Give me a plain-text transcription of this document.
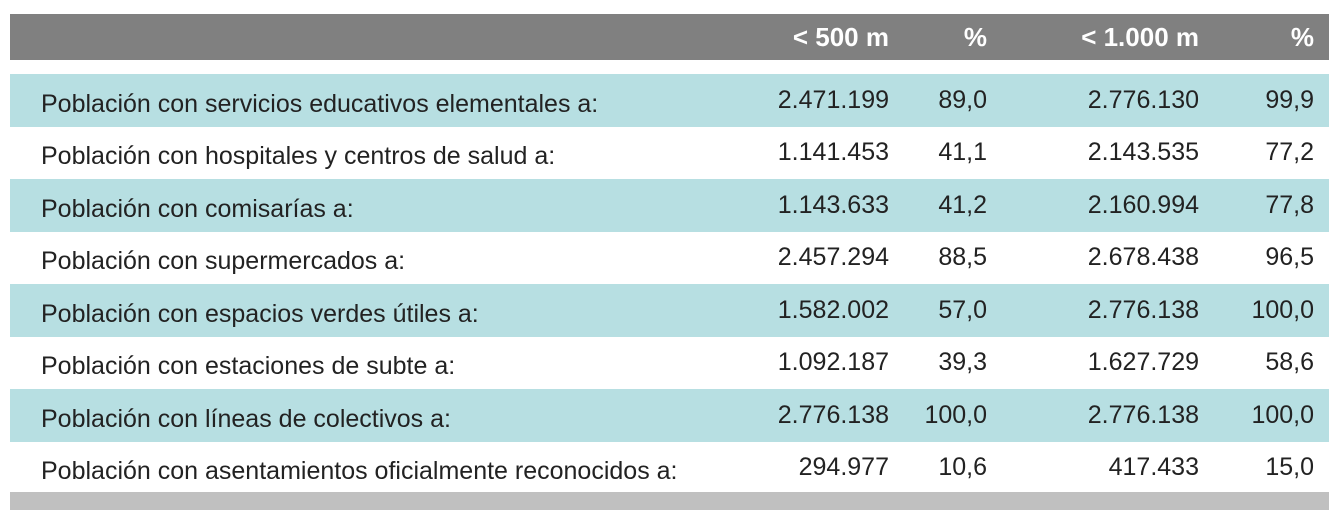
< 500 m	%	< 1.000 m	%
Población con servicios educativos elementales a:	2.471.199 89,0	2.776.130	99,9
Población con hospitales y centros de salud a:	1.141.453 41,1	2.143.535	77,2
Población con comisarías a:	1.143.633 41,2	2.160.994	77,8
Población con supermercados a:	2.457.294 88,5	2.678.438	96,5
Población con espacios verdes útiles a:	1.582.002 57,0	2.776.138 100,0
Población con estaciones de subte a:	1.092.187 39,3	1.627.729	58,6
Población con líneas de colectivos a:	2.776.138 100,0	2.776.138 100,0
Población con asentamientos oficialmente reconocidos a:	294.977 10,6	417.433	15,0
